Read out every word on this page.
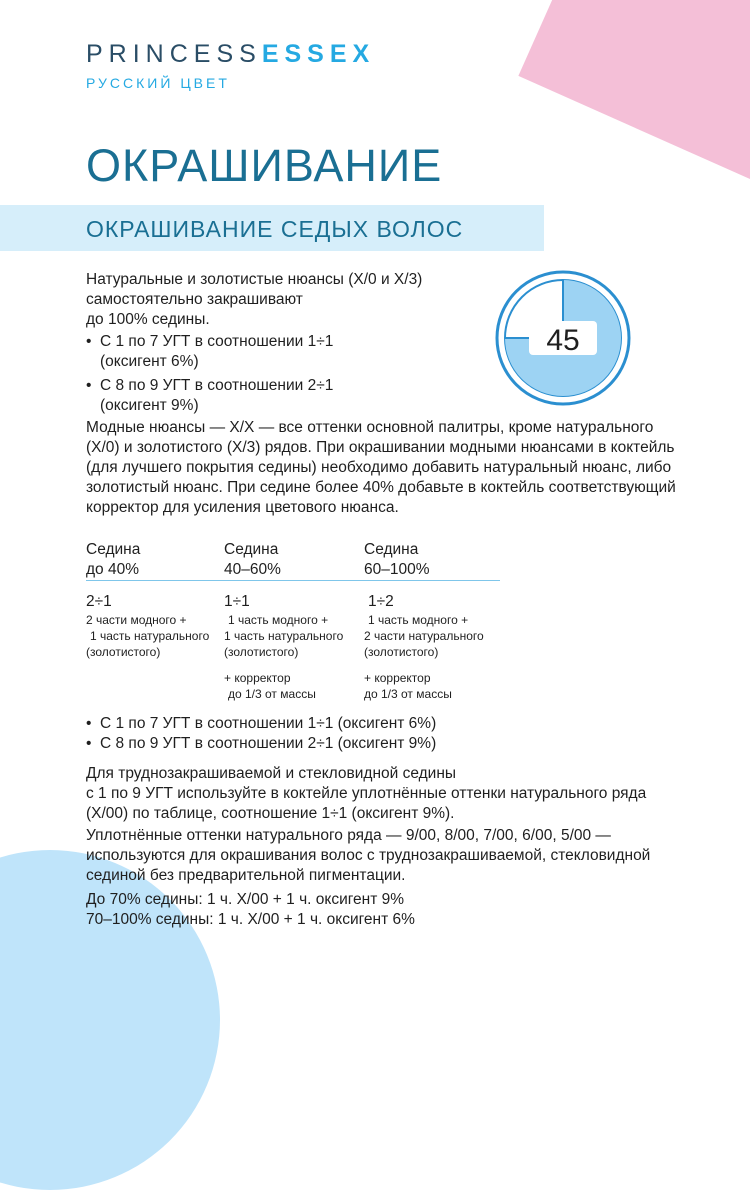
PRINCESSESSEX
РУССКИЙ ЦВЕТ
ОКРАШИВАНИЕ
ОКРАШИВАНИЕ СЕДЫХ ВОЛОС
Натуральные и золотистые нюансы (X/0 и X/3)
самостоятельно закрашивают
до 100% седины.
• С 1 по 7 УГТ в соотношении 1÷1
(оксигент 6%)
• С 8 по 9 УГТ в соотношении 2÷1
(оксигент 9%)
45
Модные нюансы — X/X — все оттенки основной палитры, кроме натурального
(X/0) и золотистого (X/3) рядов. При окрашивании модными нюансами в коктейль
(для лучшего покрытия седины) необходимо добавить натуральный нюанс, либо
золотистый нюанс. При седине более 40% добавьте в коктейль соответствующий
корректор для усиления цветового нюанса.
Седина
до 40%
2÷1
2 части модного +
1 часть натурального
(золотистого)
Седина
40–60%
1÷1
1 часть модного +
1 часть натурального
(золотистого)
+ корректор
до 1/3 от массы
Седина
60–100%
1÷2
1 часть модного +
2 части натурального
(золотистого)
+ корректор
до 1/3 от массы
• С 1 по 7 УГТ в соотношении 1÷1 (оксигент 6%)
• С 8 по 9 УГТ в соотношении 2÷1 (оксигент 9%)
Для труднозакрашиваемой и стекловидной седины
с 1 по 9 УГТ используйте в коктейле уплотнённые оттенки натурального ряда
(X/00) по таблице, соотношение 1÷1 (оксигент 9%).
Уплотнённые оттенки натурального ряда — 9/00, 8/00, 7/00, 6/00, 5/00 —
используются для окрашивания волос с труднозакрашиваемой, стекловидной
сединой без предварительной пигментации.
До 70% седины: 1 ч. X/00 + 1 ч. оксигент 9%
70–100% седины: 1 ч. X/00 + 1 ч. оксигент 6%
